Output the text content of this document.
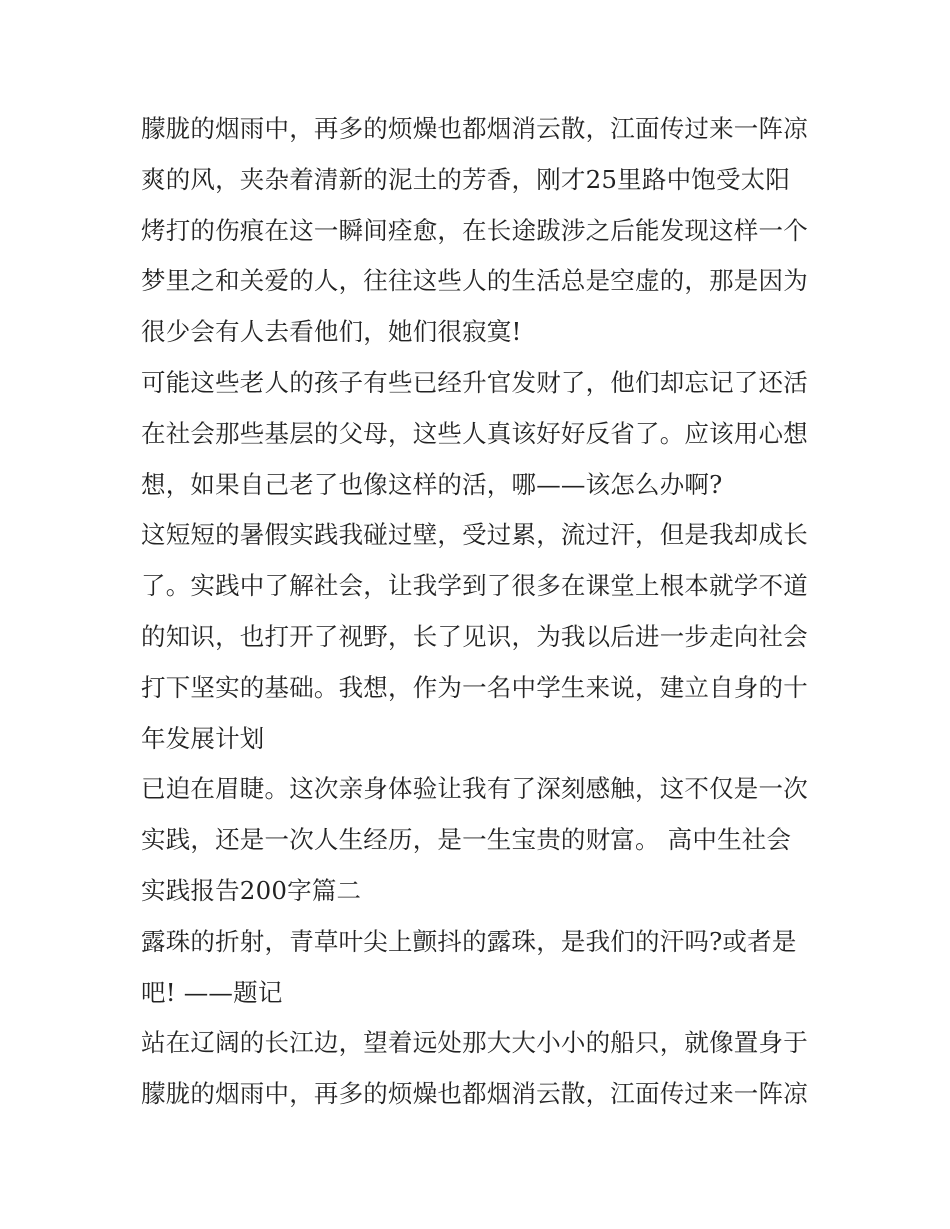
朦胧的烟雨中，再多的烦燥也都烟消云散，江面传过来一阵凉
爽的风，夹杂着清新的泥土的芳香，刚才25里路中饱受太阳
烤打的伤痕在这一瞬间痊愈，在长途跋涉之后能发现这样一个
梦里之和关爱的人，往往这些人的生活总是空虚的，那是因为
很少会有人去看他们，她们很寂寞!
可能这些老人的孩子有些已经升官发财了，他们却忘记了还活
在社会那些基层的父母，这些人真该好好反省了。应该用心想
想，如果自己老了也像这样的活，哪——该怎么办啊?
这短短的暑假实践我碰过壁，受过累，流过汗，但是我却成长
了。实践中了解社会，让我学到了很多在课堂上根本就学不道
的知识，也打开了视野，长了见识，为我以后进一步走向社会
打下坚实的基础。我想，作为一名中学生来说，建立自身的十
年发展计划
已迫在眉睫。这次亲身体验让我有了深刻感触，这不仅是一次
实践，还是一次人生经历，是一生宝贵的财富。 高中生社会
实践报告200字篇二
露珠的折射，青草叶尖上颤抖的露珠，是我们的汗吗?或者是
吧! ——题记
站在辽阔的长江边，望着远处那大大小小的船只，就像置身于
朦胧的烟雨中，再多的烦燥也都烟消云散，江面传过来一阵凉
